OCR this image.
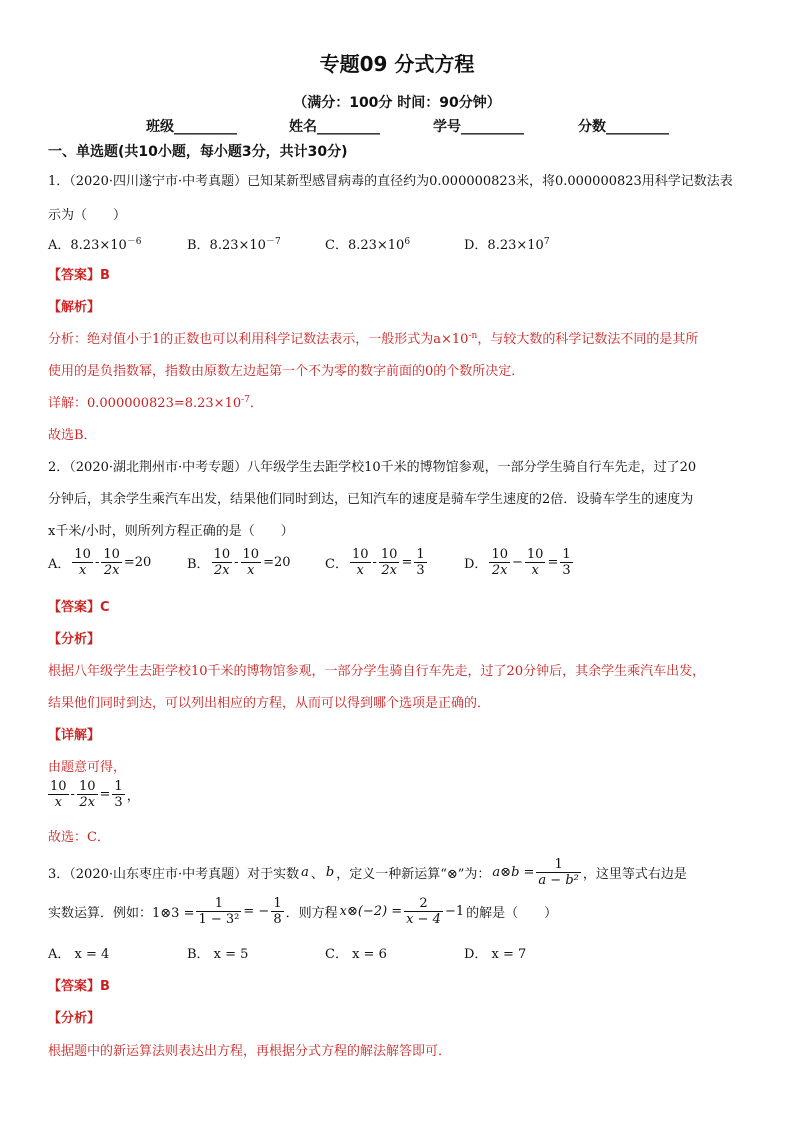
专题09 分式方程
（满分：100分 时间：90分钟）
班级_________	姓名_________	学号_________	分数_________
一、单选题(共10小题，每小题3分，共计30分)
1．（2020·四川遂宁市·中考真题）已知某新型感冒病毒的直径约为0.000000823米，将0.000000823用科学记数法表
示为（　　）
A．$8.23\times 10^{-6}$	B．$8.23\times 10^{-7}$	C．$8.23\times 10^6$	D．$8.23\times 10^7$
【答案】B
【解析】
分析：绝对值小于1的正数也可以利用科学记数法表示，一般形式为$a\times 10^{-n}$，与较大数的科学记数法不同的是其所
使用的是负指数幂，指数由原数左边起第一个不为零的数字前面的0的个数所决定．
详解：$0.000000823=8.23\times 10^{-7}$．
故选B．
2．（2020·湖北荆州市·中考专题）八年级学生去距学校10千米的博物馆参观，一部分学生骑自行车先走，过了20
分钟后，其余学生乘汽车出发，结果他们同时到达，已知汽车的速度是骑车学生速度的2倍．设骑车学生的速度为
x千米/小时，则所列方程正确的是（　　）
A． $\frac{10}{x} - \frac{10}{2x} =20$	B． $\frac{10}{2x} - \frac{10}{x} =20$	C． $\frac{10}{x} - \frac{10}{2x} = \frac{1}{3}$	D． $\frac{10}{2x} - \frac{10}{x} = \frac{1}{3}$
【答案】C
【分析】
根据八年级学生去距学校10千米的博物馆参观，一部分学生骑自行车先走，过了20分钟后，其余学生乘汽车出发，
结果他们同时到达，可以列出相应的方程，从而可以得到哪个选项是正确的．
【详解】
由题意可得，
$\frac{10}{x} - \frac{10}{2x} = \frac{1}{3}$ ，
故选：C．
3．（2020·山东枣庄市·中考真题）对于实数 a 、 b ，定义一种新运算“⊗”为： a⊗b = $\frac{1}{\text{a − b²}}$ ，这里等式右边是
实数运算．例如：1⊗3 = $\frac{1}{\text{1 − 3²}}$ = − $\frac{1}{8}$ ．则方程 x⊗(−2) = $\frac{2}{x - 4} -1$ 的解是（　　）
A． x = 4	B． x = 5	C． x = 6	D． x = 7
【答案】B
【分析】
根据题中的新运算法则表达出方程，再根据分式方程的解法解答即可．
